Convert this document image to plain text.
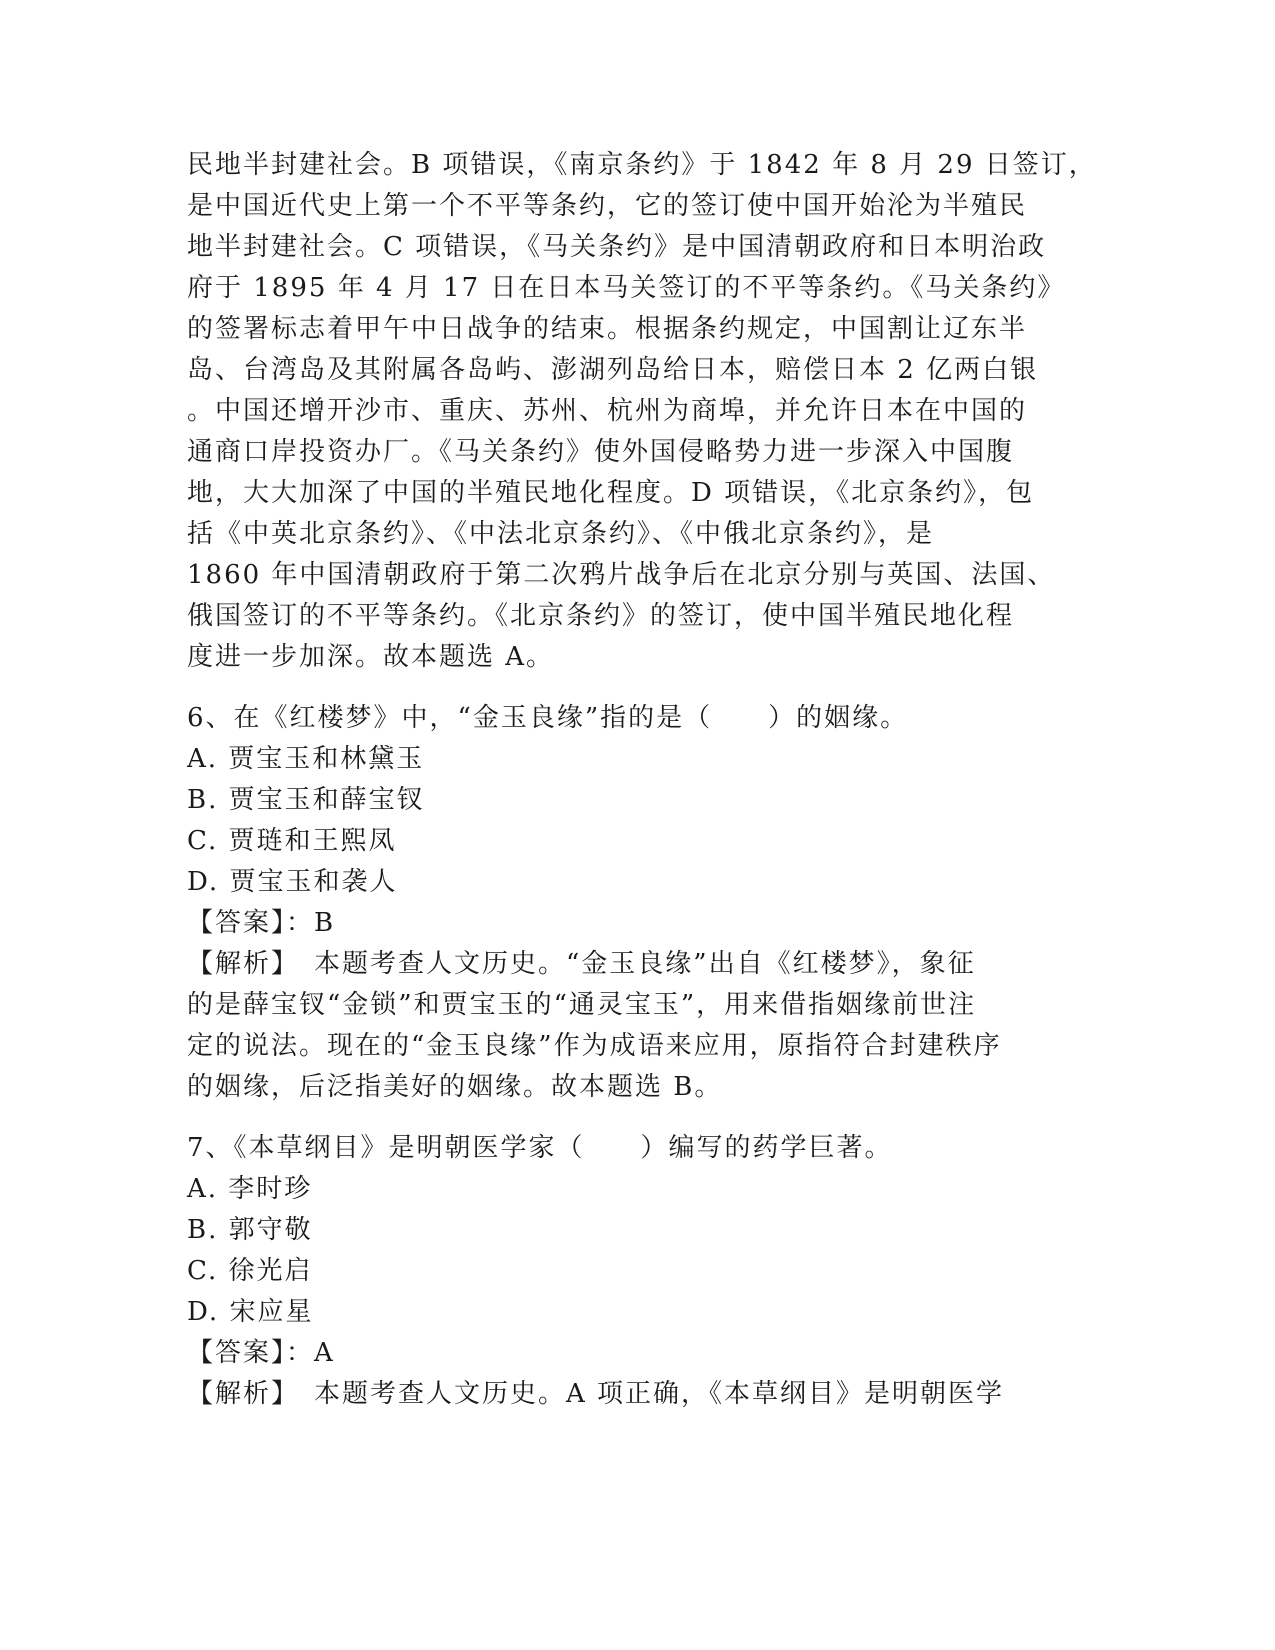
民地半封建社会。B 项错误，《南京条约》于 1842 年 8 月 29 日签订，
是中国近代史上第一个不平等条约，它的签订使中国开始沦为半殖民
地半封建社会。C 项错误，《马关条约》是中国清朝政府和日本明治政
府于 1895 年 4 月 17 日在日本马关签订的不平等条约。《马关条约》
的签署标志着甲午中日战争的结束。根据条约规定，中国割让辽东半
岛、台湾岛及其附属各岛屿、澎湖列岛给日本，赔偿日本 2 亿两白银
。中国还增开沙市、重庆、苏州、杭州为商埠，并允许日本在中国的
通商口岸投资办厂。《马关条约》使外国侵略势力进一步深入中国腹
地，大大加深了中国的半殖民地化程度。D 项错误，《北京条约》，包
括《中英北京条约》、《中法北京条约》、《中俄北京条约》，是
1860 年中国清朝政府于第二次鸦片战争后在北京分别与英国、法国、
俄国签订的不平等条约。《北京条约》的签订，使中国半殖民地化程
度进一步加深。故本题选 A。
6、在《红楼梦》中，“金玉良缘”指的是（　　）的姻缘。
A. 贾宝玉和林黛玉
B. 贾宝玉和薛宝钗
C. 贾琏和王熙凤
D. 贾宝玉和袭人
【答案】：B
【解析】　本题考查人文历史。“金玉良缘”出自《红楼梦》，象征
的是薛宝钗“金锁”和贾宝玉的“通灵宝玉”，用来借指姻缘前世注
定的说法。现在的“金玉良缘”作为成语来应用，原指符合封建秩序
的姻缘，后泛指美好的姻缘。故本题选 B。
7、《本草纲目》是明朝医学家（　　）编写的药学巨著。
A. 李时珍
B. 郭守敬
C. 徐光启
D. 宋应星
【答案】：A
【解析】　本题考查人文历史。A 项正确，《本草纲目》是明朝医学
